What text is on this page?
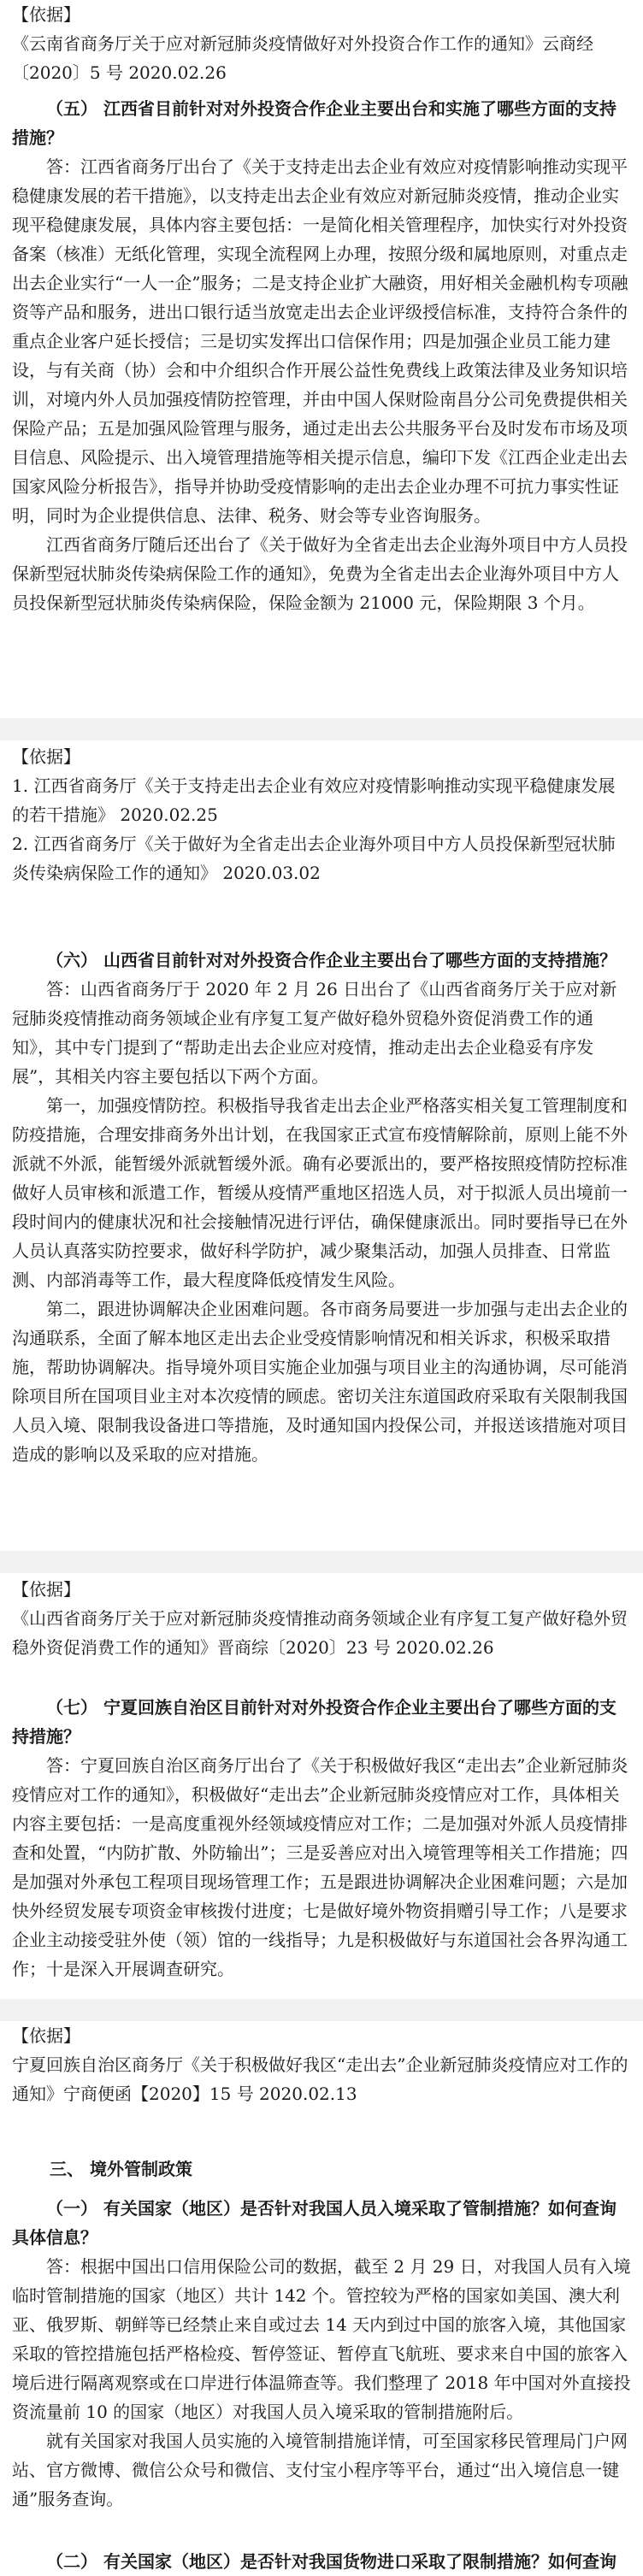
【依据】
《云南省商务厅关于应对新冠肺炎疫情做好对外投资合作工作的通知》云商经〔2020〕5 号 2020.02.26
（五） 江西省目前针对对外投资合作企业主要出台和实施了哪些方面的支持措施？
答：江西省商务厅出台了《关于支持走出去企业有效应对疫情影响推动实现平稳健康发展的若干措施》，以支持走出去企业有效应对新冠肺炎疫情，推动企业实现平稳健康发展，具体内容主要包括：一是简化相关管理程序，加快实行对外投资备案（核准）无纸化管理，实现全流程网上办理，按照分级和属地原则，对重点走出去企业实行“一人一企”服务；二是支持企业扩大融资，用好相关金融机构专项融资等产品和服务，进出口银行适当放宽走出去企业评级授信标准，支持符合条件的重点企业客户延长授信；三是切实发挥出口信保作用；四是加强企业员工能力建设，与有关商（协）会和中介组织合作开展公益性免费线上政策法律及业务知识培训，对境内外人员加强疫情防控管理，并由中国人保财险南昌分公司免费提供相关保险产品；五是加强风险管理与服务，通过走出去公共服务平台及时发布市场及项目信息、风险提示、出入境管理措施等相关提示信息，编印下发《江西企业走出去国家风险分析报告》，指导并协助受疫情影响的走出去企业办理不可抗力事实性证明，同时为企业提供信息、法律、税务、财会等专业咨询服务。
江西省商务厅随后还出台了《关于做好为全省走出去企业海外项目中方人员投保新型冠状肺炎传染病保险工作的通知》，免费为全省走出去企业海外项目中方人员投保新型冠状肺炎传染病保险，保险金额为 21000 元，保险期限 3 个月。
【依据】
1. 江西省商务厅《关于支持走出去企业有效应对疫情影响推动实现平稳健康发展的若干措施》 2020.02.25
2. 江西省商务厅《关于做好为全省走出去企业海外项目中方人员投保新型冠状肺炎传染病保险工作的通知》 2020.03.02
（六） 山西省目前针对对外投资合作企业主要出台了哪些方面的支持措施？
答：山西省商务厅于 2020 年 2 月 26 日出台了《山西省商务厅关于应对新冠肺炎疫情推动商务领域企业有序复工复产做好稳外贸稳外资促消费工作的通知》，其中专门提到了“帮助走出去企业应对疫情，推动走出去企业稳妥有序发展”，其相关内容主要包括以下两个方面。
第一，加强疫情防控。积极指导我省走出去企业严格落实相关复工管理制度和防疫措施，合理安排商务外出计划，在我国家正式宣布疫情解除前，原则上能不外派就不外派，能暂缓外派就暂缓外派。确有必要派出的，要严格按照疫情防控标准做好人员审核和派遣工作，暂缓从疫情严重地区招选人员，对于拟派人员出境前一段时间内的健康状况和社会接触情况进行评估，确保健康派出。同时要指导已在外人员认真落实防控要求，做好科学防护，减少聚集活动，加强人员排查、日常监测、内部消毒等工作，最大程度降低疫情发生风险。
第二，跟进协调解决企业困难问题。各市商务局要进一步加强与走出去企业的沟通联系，全面了解本地区走出去企业受疫情影响情况和相关诉求，积极采取措施，帮助协调解决。指导境外项目实施企业加强与项目业主的沟通协调，尽可能消除项目所在国项目业主对本次疫情的顾虑。密切关注东道国政府采取有关限制我国人员入境、限制我设备进口等措施，及时通知国内投保公司，并报送该措施对项目造成的影响以及采取的应对措施。
【依据】
《山西省商务厅关于应对新冠肺炎疫情推动商务领域企业有序复工复产做好稳外贸稳外资促消费工作的通知》晋商综〔2020〕23 号 2020.02.26
（七） 宁夏回族自治区目前针对对外投资合作企业主要出台了哪些方面的支持措施？
答：宁夏回族自治区商务厅出台了《关于积极做好我区“走出去”企业新冠肺炎疫情应对工作的通知》，积极做好“走出去”企业新冠肺炎疫情应对工作，具体相关内容主要包括：一是高度重视外经领域疫情应对工作；二是加强对外派人员疫情排查和处置，“内防扩散、外防输出”；三是妥善应对出入境管理等相关工作措施；四是加强对外承包工程项目现场管理工作；五是跟进协调解决企业困难问题；六是加快外经贸发展专项资金审核拨付进度；七是做好境外物资捐赠引导工作；八是要求企业主动接受驻外使（领）馆的一线指导；九是积极做好与东道国社会各界沟通工作；十是深入开展调查研究。
【依据】
宁夏回族自治区商务厅《关于积极做好我区“走出去”企业新冠肺炎疫情应对工作的通知》宁商便函【2020】15 号 2020.02.13
三、 境外管制政策
（一） 有关国家（地区）是否针对我国人员入境采取了管制措施？如何查询具体信息？
答：根据中国出口信用保险公司的数据，截至 2 月 29 日，对我国人员有入境临时管制措施的国家（地区）共计 142 个。管控较为严格的国家如美国、澳大利亚、俄罗斯、朝鲜等已经禁止来自或过去 14 天内到过中国的旅客入境，其他国家采取的管控措施包括严格检疫、暂停签证、暂停直飞航班、要求来自中国的旅客入境后进行隔离观察或在口岸进行体温筛查等。我们整理了 2018 年中国对外直接投资流量前 10 的国家（地区）对我国人员入境采取的管制措施附后。
就有关国家对我国人员实施的入境管制措施详情，可至国家移民管理局门户网站、官方微博、微信公众号和微信、支付宝小程序等平台，通过“出入境信息一键通”服务查询。
（二） 有关国家（地区）是否针对我国货物进口采取了限制措施？如何查询
